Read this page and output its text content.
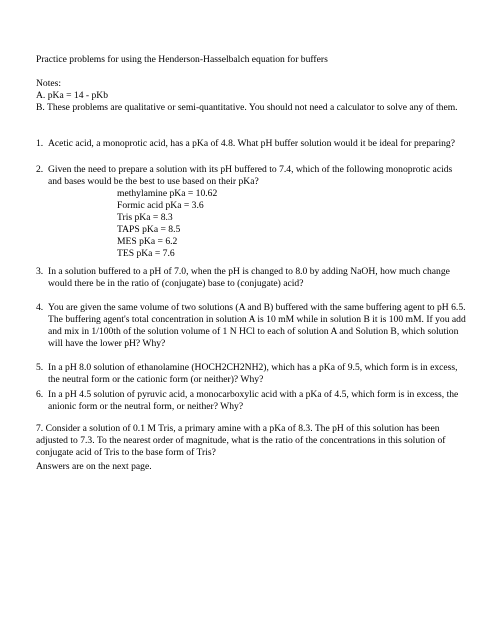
Practice problems for using the Henderson-Hasselbalch equation for buffers

Notes:

A. pKa = 14 - pKb

B. These problems are qualitative or semi-quantitative. You should not need a calculator to solve any of them.

1. Acetic acid, a monoprotic acid, has a pKa of 4.8. What pH buffer solution would it be ideal for preparing?
2. Given the need to prepare a solution with its pH buffered to 7.4, which of the following monoprotic acids and bases would be the best to use based on their pKa?
methylamine pKa = 10.62
Formic acid pKa = 3.6
Tris pKa = 8.3
TAPS pKa = 8.5
MES pKa = 6.2
TES pKa = 7.6
3. In a solution buffered to a pH of 7.0, when the pH is changed to 8.0 by adding NaOH, how much change would there be in the ratio of (conjugate) base to (conjugate) acid?
4. You are given the same volume of two solutions (A and B) buffered with the same buffering agent to pH 6.5. The buffering agent's total concentration in solution A is 10 mM while in solution B it is 100 mM. If you add and mix in 1/100th of the solution volume of 1 N HCl to each of solution A and Solution B, which solution will have the lower pH? Why?
5. In a pH 8.0 solution of ethanolamine (HOCH2CH2NH2), which has a pKa of 9.5, which form is in excess, the neutral form or the cationic form (or neither)? Why?
6. In a pH 4.5 solution of pyruvic acid, a monocarboxylic acid with a pKa of 4.5, which form is in excess, the anionic form or the neutral form, or neither? Why?

7. Consider a solution of 0.1 M Tris, a primary amine with a pKa of 8.3. The pH of this solution has been adjusted to 7.3. To the nearest order of magnitude, what is the ratio of the concentrations in this solution of conjugate acid of Tris to the base form of Tris?

Answers are on the next page.
